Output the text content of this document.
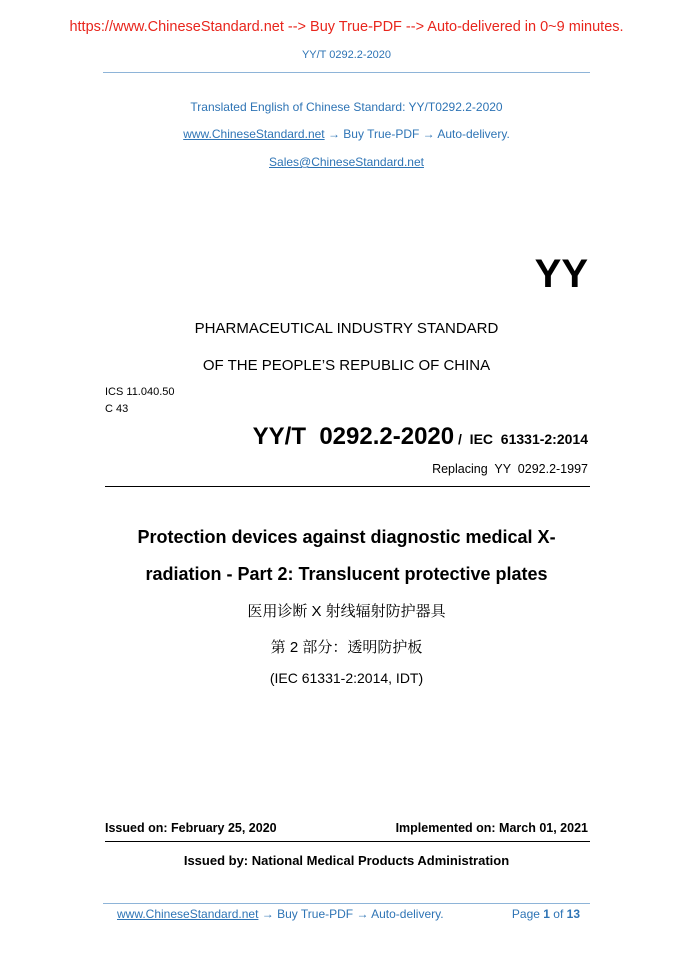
https://www.ChineseStandard.net --> Buy True-PDF --> Auto-delivered in 0~9 minutes.
YY/T 0292.2-2020
Translated English of Chinese Standard: YY/T0292.2-2020
www.ChineseStandard.net → Buy True-PDF → Auto-delivery.
Sales@ChineseStandard.net
YY
PHARMACEUTICAL INDUSTRY STANDARD
OF THE PEOPLE’S REPUBLIC OF CHINA
ICS 11.040.50
C 43
YY/T  0292.2-2020 /  IEC  61331-2:2014
Replacing  YY  0292.2-1997
Protection devices against diagnostic medical X-
radiation - Part 2: Translucent protective plates
医用诊断 X 射线辐射防护器具
第 2 部分：透明防护板
(IEC 61331-2:2014, IDT)
Issued on: February 25, 2020	Implemented on: March 01, 2021
Issued by: National Medical Products Administration
www.ChineseStandard.net → Buy True-PDF → Auto-delivery.	Page 1 of 13
